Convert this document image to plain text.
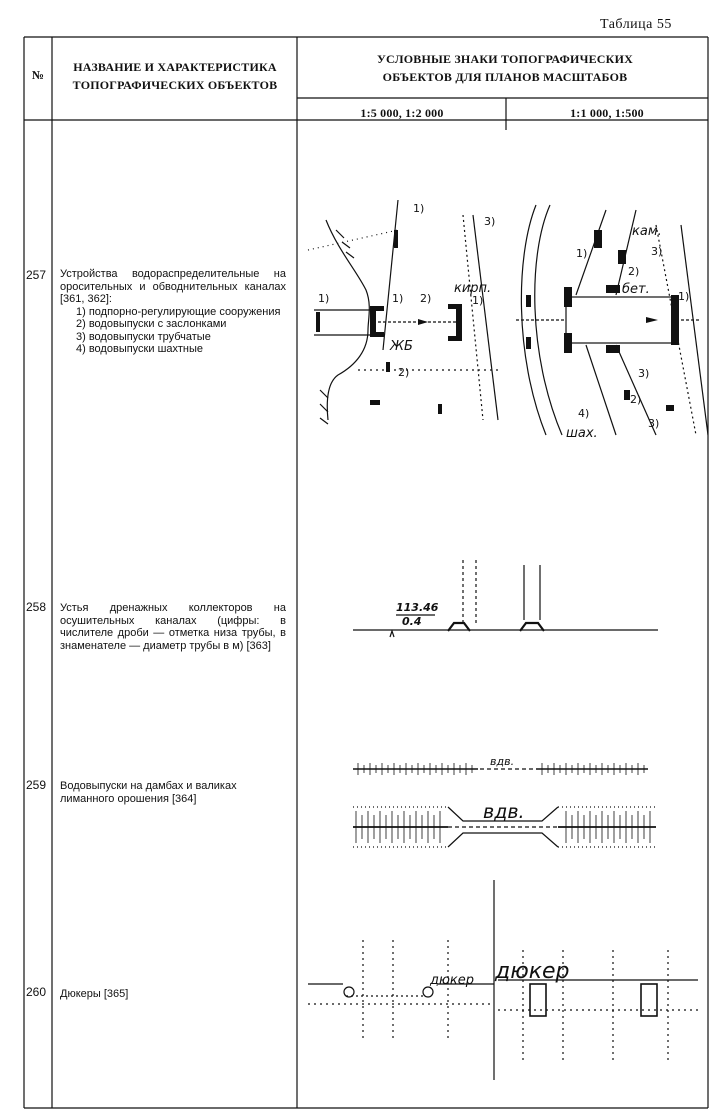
Таблица 55
№
НАЗВАНИЕ И ХАРАКТЕРИСТИКА ТОПОГРАФИЧЕСКИХ ОБЪЕКТОВ
УСЛОВНЫЕ ЗНАКИ ТОПОГРАФИЧЕСКИХ ОБЪЕКТОВ ДЛЯ ПЛАНОВ МАСШТАБОВ
1:5 000, 1:2 000	1:1 000, 1:500
257 Устройства водораспределительные на оросительных и обводнительных каналах [361, 362]:
1) подпорно-регулирующие сооружения
2) водовыпуски с заслонками
3) водовыпуски трубчатые
4) водовыпуски шахтные
1)
3)
1)	1) 2)
2)
1)
ЖБ
кирп.
1)
2)
3)
1)
3)
2)
3)
4)
кам.
бет.
шах.
258 Устья дренажных коллекторов на осушительных каналах (цифры: в числителе дроби — отметка низа трубы, в знаменателе — диаметр трубы в м) [363]
113.46
0.4
259 Водовыпуски на дамбах и валиках лиманного орошения [364]
вдв.
вдв.
260 Дюкеры [365]
дюкер дюкер
